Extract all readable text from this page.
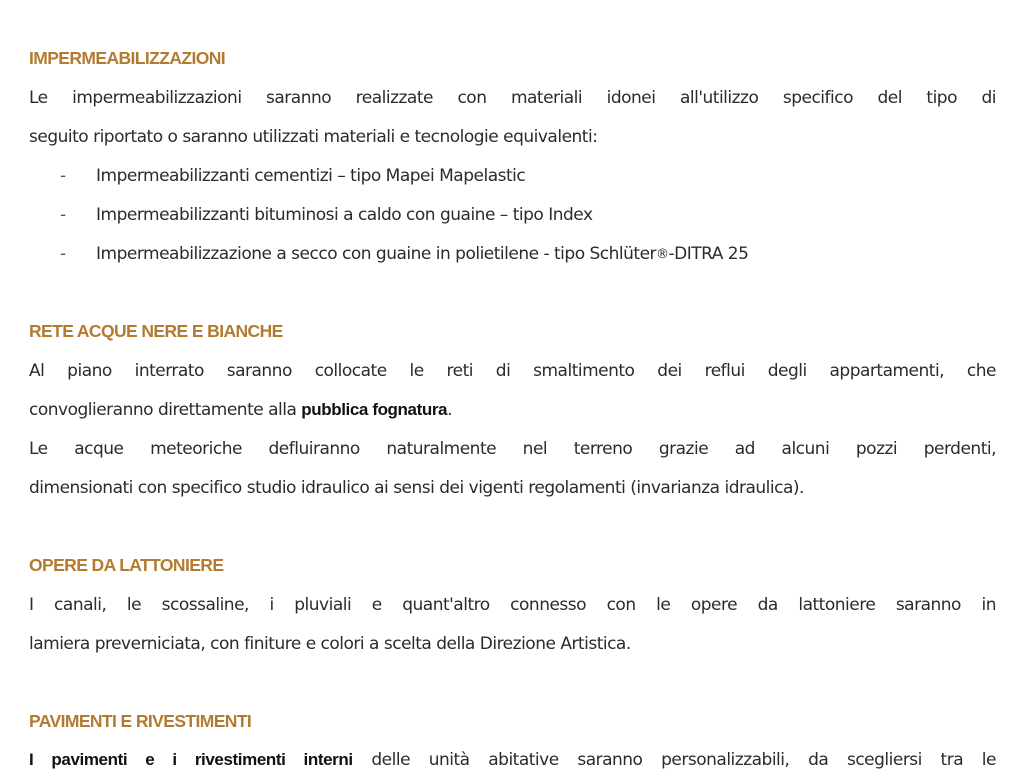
IMPERMEABILIZZAZIONI
Le impermeabilizzazioni saranno realizzate con materiali idonei all'utilizzo specifico del tipo di
seguito riportato o saranno utilizzati materiali e tecnologie equivalenti:
- Impermeabilizzanti cementizi – tipo Mapei Mapelastic
- Impermeabilizzanti bituminosi a caldo con guaine – tipo Index
- Impermeabilizzazione a secco con guaine in polietilene - tipo Schlüter®-DITRA 25
RETE ACQUE NERE E BIANCHE
Al piano interrato saranno collocate le reti di smaltimento dei reflui degli appartamenti, che
convoglieranno direttamente alla pubblica fognatura.
Le acque meteoriche defluiranno naturalmente nel terreno grazie ad alcuni pozzi perdenti,
dimensionati con specifico studio idraulico ai sensi dei vigenti regolamenti (invarianza idraulica).
OPERE DA LATTONIERE
I canali, le scossaline, i pluviali e quant'altro connesso con le opere da lattoniere saranno in
lamiera preverniciata, con finiture e colori a scelta della Direzione Artistica.
PAVIMENTI E RIVESTIMENTI
I pavimenti e i rivestimenti interni delle unità abitative saranno personalizzabili, da scegliersi tra le
